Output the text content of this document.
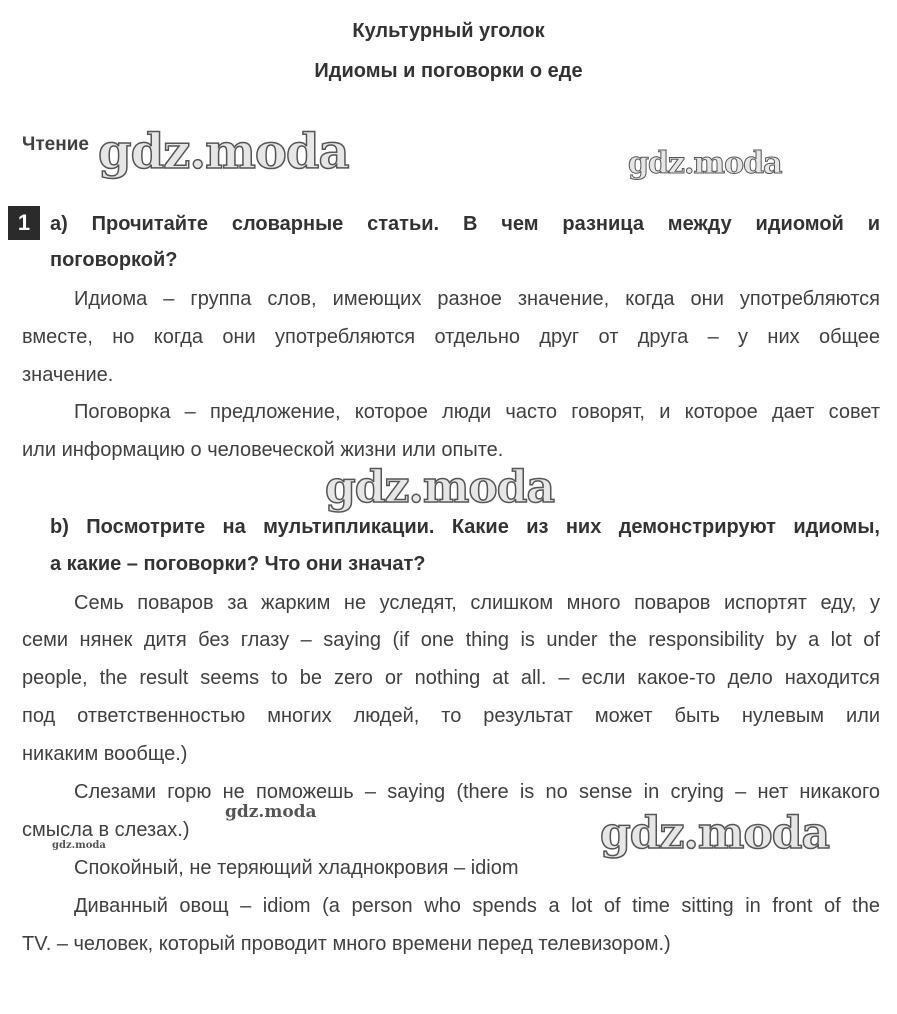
Культурный уголок
Идиомы и поговорки о еде
Чтение
1 a) Прочитайте словарные статьи. В чем разница между идиомой и
поговоркой?
Идиома – группа слов, имеющих разное значение, когда они употребляются
вместе, но когда они употребляются отдельно друг от друга – у них общее
значение.
Поговорка – предложение, которое люди часто говорят, и которое дает совет
или информацию о человеческой жизни или опыте.
b) Посмотрите на мультипликации. Какие из них демонстрируют идиомы,
а какие – поговорки? Что они значат?
Семь поваров за жарким не уследят, слишком много поваров испортят еду, у
семи нянек дитя без глазу – saying (if one thing is under the responsibility by a lot of
people, the result seems to be zero or nothing at all. – если какое-то дело находится
под ответственностью многих людей, то результат может быть нулевым или
никаким вообще.)
Слезами горю не поможешь – saying (there is no sense in crying – нет никакого
смысла в слезах.)
Спокойный, не теряющий хладнокровия – idiom
Диванный овощ – idiom (a person who spends a lot of time sitting in front of the
TV. – человек, который проводит много времени перед телевизором.)
gdz.moda	gdz.moda
gdz.moda
gdz.moda
gdz.moda
gdz.moda
